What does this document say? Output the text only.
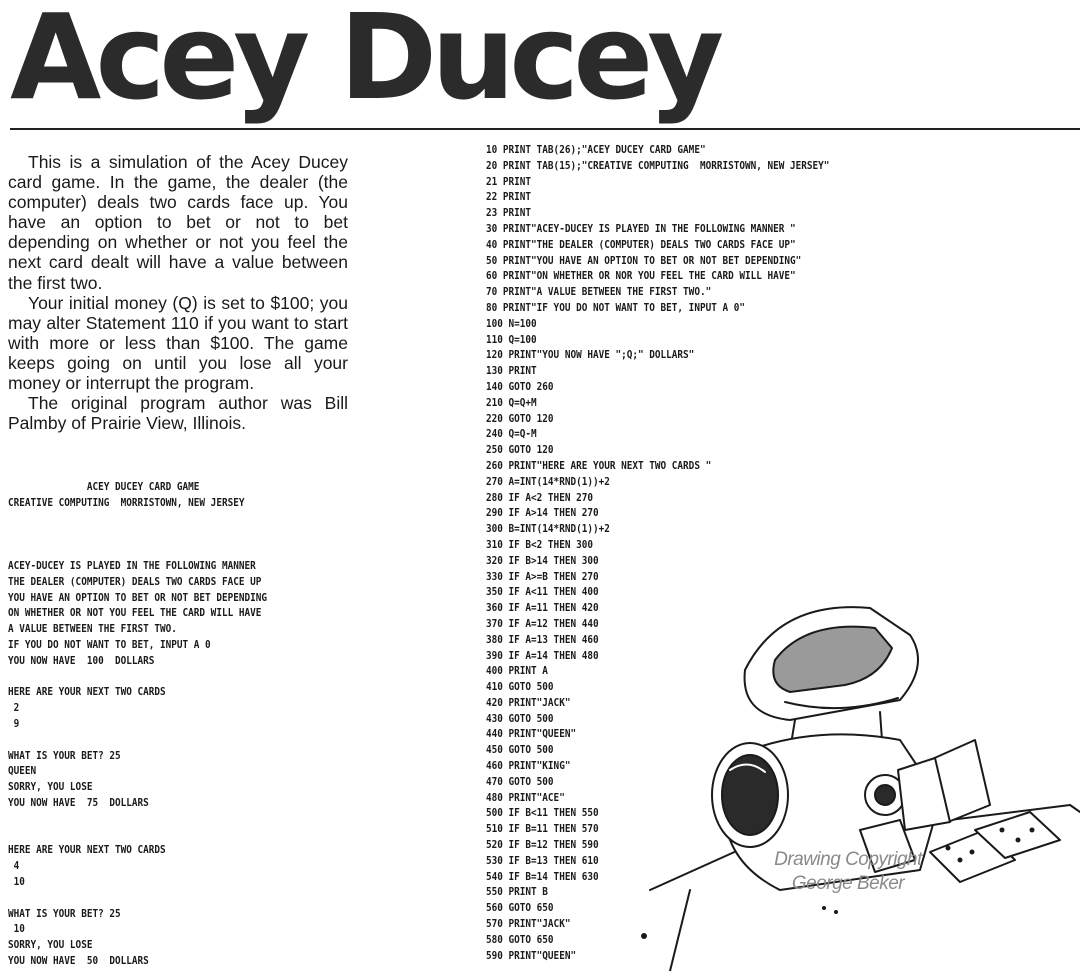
Acey Ducey

This is a simulation of the Acey Ducey card game. In the game, the dealer (the computer) deals two cards face up. You have an option to bet or not to bet depending on whether or not you feel the next card dealt will have a value between the first two.

Your initial money (Q) is set to $100; you may alter Statement 110 if you want to start with more or less than $100. The game keeps going on until you lose all your money or interrupt the program.

The original program author was Bill Palmby of Prairie View, Illinois.

ACEY DUCEY CARD GAME
CREATIVE COMPUTING  MORRISTOWN, NEW JERSEY

ACEY-DUCEY IS PLAYED IN THE FOLLOWING MANNER
THE DEALER (COMPUTER) DEALS TWO CARDS FACE UP
YOU HAVE AN OPTION TO BET OR NOT BET DEPENDING
ON WHETHER OR NOT YOU FEEL THE CARD WILL HAVE
A VALUE BETWEEN THE FIRST TWO.
IF YOU DO NOT WANT TO BET, INPUT A 0
YOU NOW HAVE  100  DOLLARS

HERE ARE YOUR NEXT TWO CARDS
2
9

WHAT IS YOUR BET? 25
QUEEN
SORRY, YOU LOSE
YOU NOW HAVE  75  DOLLARS

HERE ARE YOUR NEXT TWO CARDS
4
10

WHAT IS YOUR BET? 25
10
SORRY, YOU LOSE
YOU NOW HAVE  50  DOLLARS
10 PRINT TAB(26);"ACEY DUCEY CARD GAME"
20 PRINT TAB(15);"CREATIVE COMPUTING  MORRISTOWN, NEW JERSEY"
21 PRINT
22 PRINT
23 PRINT
30 PRINT"ACEY-DUCEY IS PLAYED IN THE FOLLOWING MANNER "
40 PRINT"THE DEALER (COMPUTER) DEALS TWO CARDS FACE UP"
50 PRINT"YOU HAVE AN OPTION TO BET OR NOT BET DEPENDING"
60 PRINT"ON WHETHER OR NOR YOU FEEL THE CARD WILL HAVE"
70 PRINT"A VALUE BETWEEN THE FIRST TWO."
80 PRINT"IF YOU DO NOT WANT TO BET, INPUT A 0"
100 N=100
110 Q=100
120 PRINT"YOU NOW HAVE ";Q;" DOLLARS"
130 PRINT
140 GOTO 260
210 Q=Q+M
220 GOTO 120
240 Q=Q-M
250 GOTO 120
260 PRINT"HERE ARE YOUR NEXT TWO CARDS "
270 A=INT(14*RND(1))+2
280 IF A<2 THEN 270
290 IF A>14 THEN 270
300 B=INT(14*RND(1))+2
310 IF B<2 THEN 300
320 IF B>14 THEN 300
330 IF A>=B THEN 270
350 IF A<11 THEN 400
360 IF A=11 THEN 420
370 IF A=12 THEN 440
380 IF A=13 THEN 460
390 IF A=14 THEN 480
400 PRINT A
410 GOTO 500
420 PRINT"JACK"
430 GOTO 500
440 PRINT"QUEEN"
450 GOTO 500
460 PRINT"KING"
470 GOTO 500
480 PRINT"ACE"
500 IF B<11 THEN 550
510 IF B=11 THEN 570
520 IF B=12 THEN 590
530 IF B=13 THEN 610
540 IF B=14 THEN 630
550 PRINT B
560 GOTO 650
570 PRINT"JACK"
580 GOTO 650
590 PRINT"QUEEN"
Drawing Copyright
George Beker
